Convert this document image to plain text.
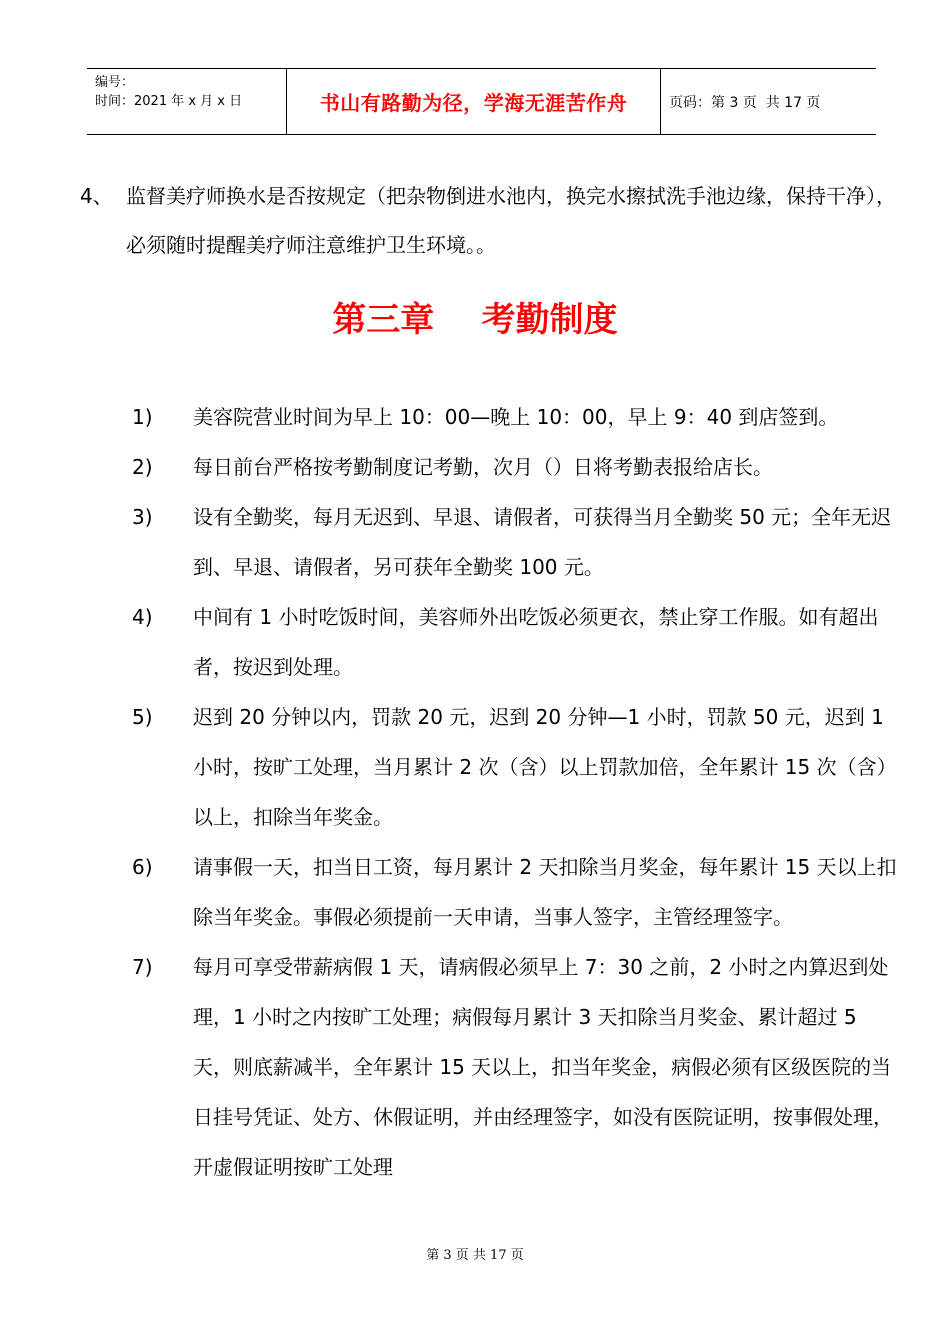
编号：
时间：2021 年 x 月 x 日	书山有路勤为径，学海无涯苦作舟	页码：第 3 页  共 17 页
4、 监督美疗师换水是否按规定（把杂物倒进水池内，换完水擦拭洗手池边缘，保持干净），必须随时提醒美疗师注意维护卫生环境。。
第三章    考勤制度
1)	美容院营业时间为早上 10：00—晚上 10：00，早上 9：40 到店签到。
2)	每日前台严格按考勤制度记考勤，次月（）日将考勤表报给店长。
3)	设有全勤奖，每月无迟到、早退、请假者，可获得当月全勤奖 50 元；全年无迟到、早退、请假者，另可获年全勤奖 100 元。
4)	中间有 1 小时吃饭时间，美容师外出吃饭必须更衣，禁止穿工作服。如有超出者，按迟到处理。
5)	迟到 20 分钟以内，罚款 20 元，迟到 20 分钟—1 小时，罚款 50 元，迟到 1 小时，按旷工处理，当月累计 2 次（含）以上罚款加倍，全年累计 15 次（含）以上，扣除当年奖金。
6)	请事假一天，扣当日工资，每月累计 2 天扣除当月奖金，每年累计 15 天以上扣除当年奖金。事假必须提前一天申请，当事人签字，主管经理签字。
7)	每月可享受带薪病假 1 天，请病假必须早上 7：30 之前，2 小时之内算迟到处理，1 小时之内按旷工处理；病假每月累计 3 天扣除当月奖金、累计超过 5 天，则底薪减半，全年累计 15 天以上，扣当年奖金，病假必须有区级医院的当日挂号凭证、处方、休假证明，并由经理签字，如没有医院证明，按事假处理，开虚假证明按旷工处理
第 3 页 共 17 页
